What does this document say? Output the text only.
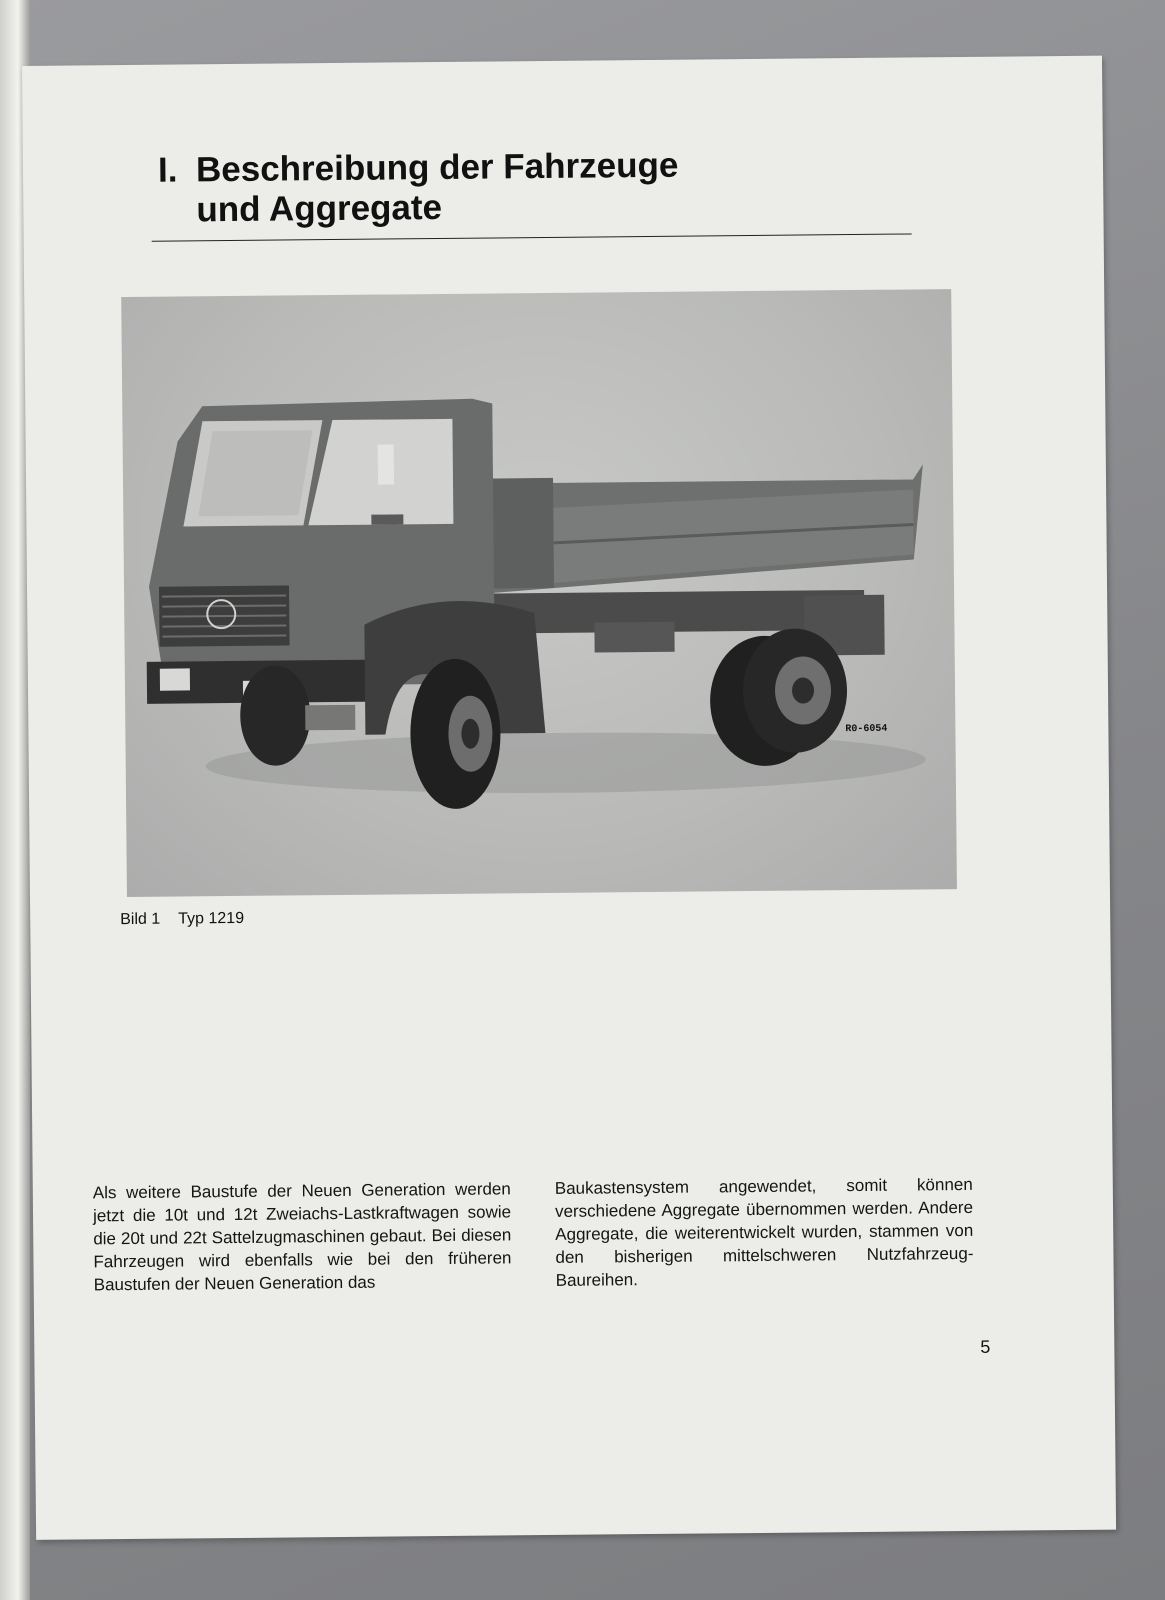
I. Beschreibung der Fahrzeuge
und Aggregate
R0-6054
Bild 1 Typ 1219

Als weitere Baustufe der Neuen Generation werden jetzt die 10t und 12t Zweiachs-Lastkraftwagen sowie die 20t und 22t Sattelzugmaschinen gebaut. Bei diesen Fahrzeugen wird ebenfalls wie bei den früheren Baustufen der Neuen Generation das

Baukastensystem angewendet, somit können verschiedene Aggregate übernommen werden. Andere Aggregate, die weiterentwickelt wurden, stammen von den bisherigen mittelschweren Nutzfahrzeug-Baureihen.

5
